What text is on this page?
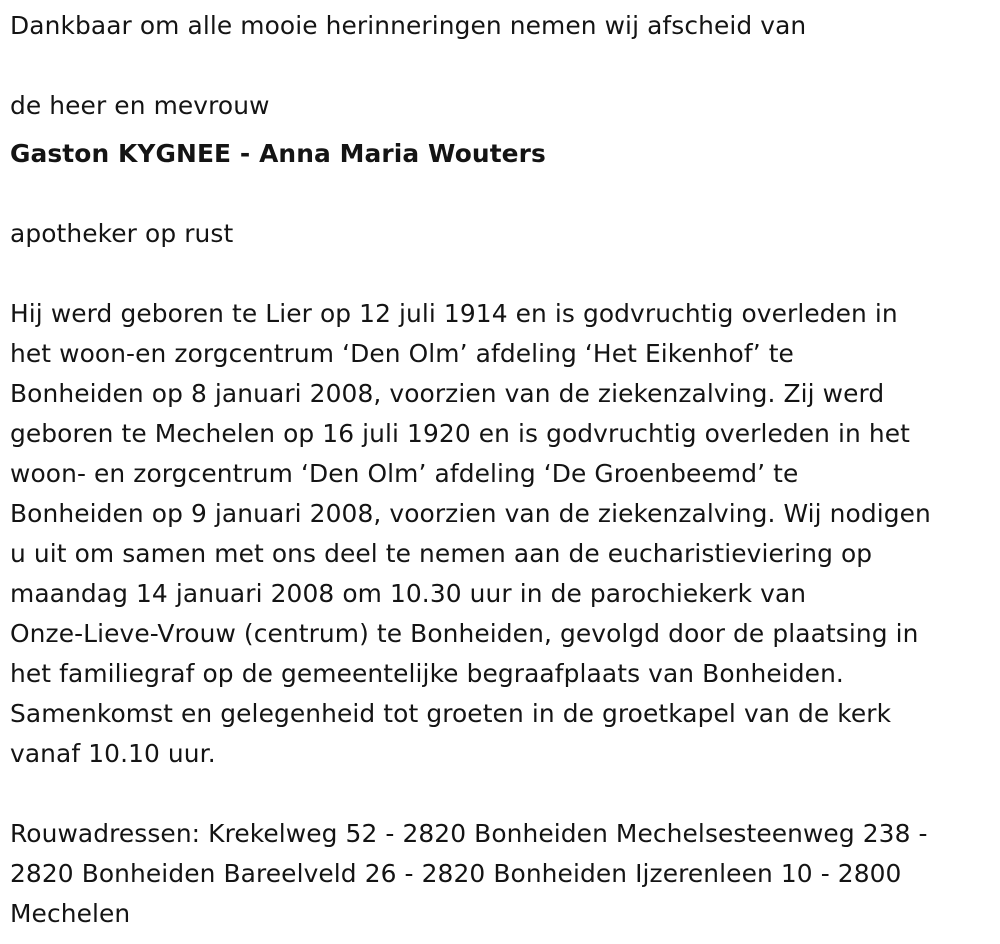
Dankbaar om alle mooie herinneringen nemen wij afscheid van

de heer en mevrouw

Gaston KYGNEE - Anna Maria Wouters

apotheker op rust

Hij werd geboren te Lier op 12 juli 1914 en is godvruchtig overleden in

het woon-en zorgcentrum ‘Den Olm’ afdeling ‘Het Eikenhof’ te

Bonheiden op 8 januari 2008, voorzien van de ziekenzalving. Zij werd

geboren te Mechelen op 16 juli 1920 en is godvruchtig overleden in het

woon- en zorgcentrum ‘Den Olm’ afdeling ‘De Groenbeemd’ te

Bonheiden op 9 januari 2008, voorzien van de ziekenzalving. Wij nodigen

u uit om samen met ons deel te nemen aan de eucharistieviering op

maandag 14 januari 2008 om 10.30 uur in de parochiekerk van

Onze-Lieve-Vrouw (centrum) te Bonheiden, gevolgd door de plaatsing in

het familiegraf op de gemeentelijke begraafplaats van Bonheiden.

Samenkomst en gelegenheid tot groeten in de groetkapel van de kerk

vanaf 10.10 uur.

Rouwadressen: Krekelweg 52 - 2820 Bonheiden Mechelsesteenweg 238 -

2820 Bonheiden Bareelveld 26 - 2820 Bonheiden Ijzerenleen 10 - 2800

Mechelen
